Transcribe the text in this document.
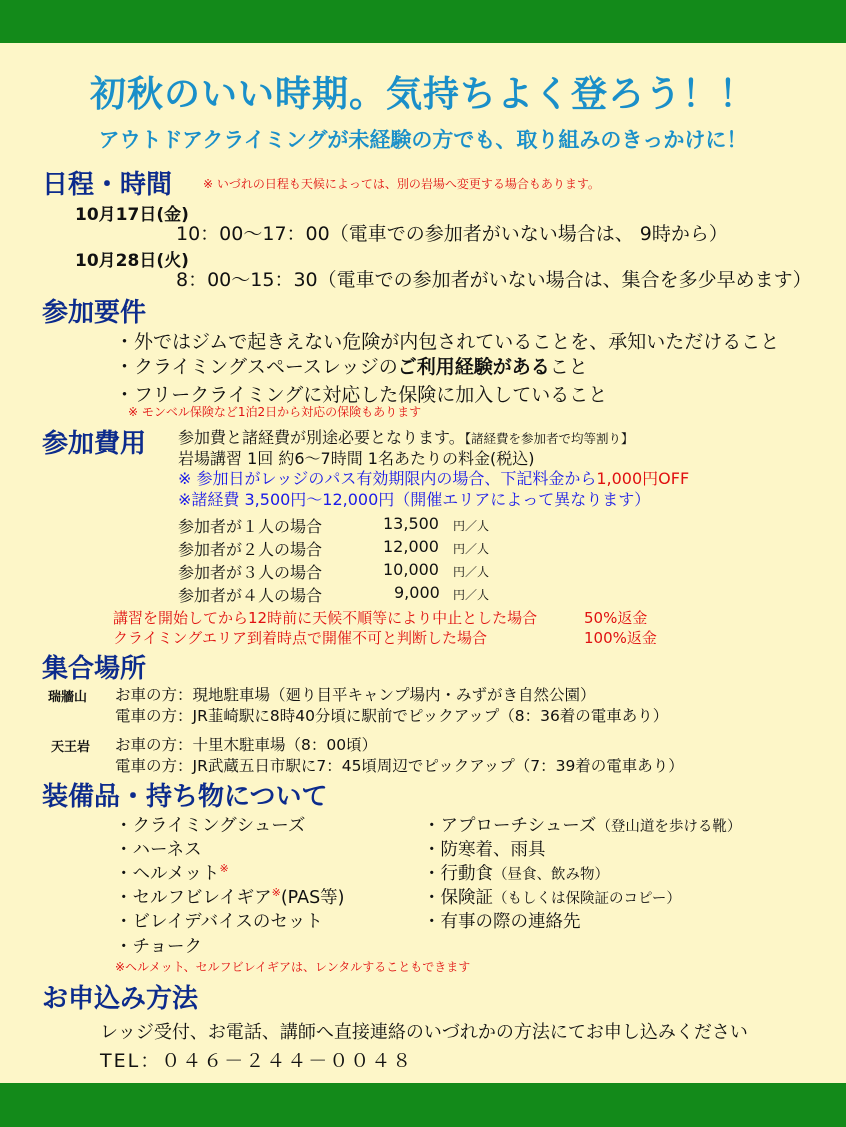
初秋のいい時期。気持ちよく登ろう！！
アウトドアクライミングが未経験の方でも、取り組みのきっかけに！
日程・時間	※ いづれの日程も天候によっては、別の岩場へ変更する場合もあります。
10月17日(金)
10：00～17：00（電車での参加者がいない場合は、 9時から）
10月28日(火)
8：00～15：30（電車での参加者がいない場合は、集合を多少早めます）
参加要件
・外ではジムで起きえない危険が内包されていることを、承知いただけること
・クライミングスペースレッジのご利用経験があること
・フリークライミングに対応した保険に加入していること
※ モンベル保険など1泊2日から対応の保険もあります
参加費用 参加費と諸経費が別途必要となります。【諸経費を参加者で均等割り】
岩場講習 1回 約6～7時間 1名あたりの料金(税込)
※ 参加日がレッジのパス有効期限内の場合、下記料金から1,000円OFF
※諸経費 3,500円～12,000円（開催エリアによって異なります）
参加者が１人の場合	13,500 円／人
参加者が２人の場合	12,000 円／人
参加者が３人の場合	10,000 円／人
参加者が４人の場合	9,000 円／人
講習を開始してから12時前に天候不順等により中止とした場合	50%返金
クライミングエリア到着時点で開催不可と判断した場合	100%返金
集合場所
瑞牆山 お車の方：現地駐車場（廻り目平キャンプ場内・みずがき自然公園）
電車の方：JR韮崎駅に8時40分頃に駅前でピックアップ（8：36着の電車あり）
天王岩 お車の方：十里木駐車場（8：00頃）
電車の方：JR武蔵五日市駅に7：45頃周辺でピックアップ（7：39着の電車あり）
装備品・持ち物について
・クライミングシューズ
・ハーネス
・ヘルメット※
・セルフビレイギア※(PAS等)
・ビレイデバイスのセット
・チョーク
・アプローチシューズ（登山道を歩ける靴）
・防寒着、雨具
・行動食（昼食、飲み物）
・保険証（もしくは保険証のコピー）
・有事の際の連絡先
※ヘルメット、セルフビレイギアは、レンタルすることもできます
お申込み方法
レッジ受付、お電話、講師へ直接連絡のいづれかの方法にてお申し込みください
TEL：０４６－２４４－００４８
